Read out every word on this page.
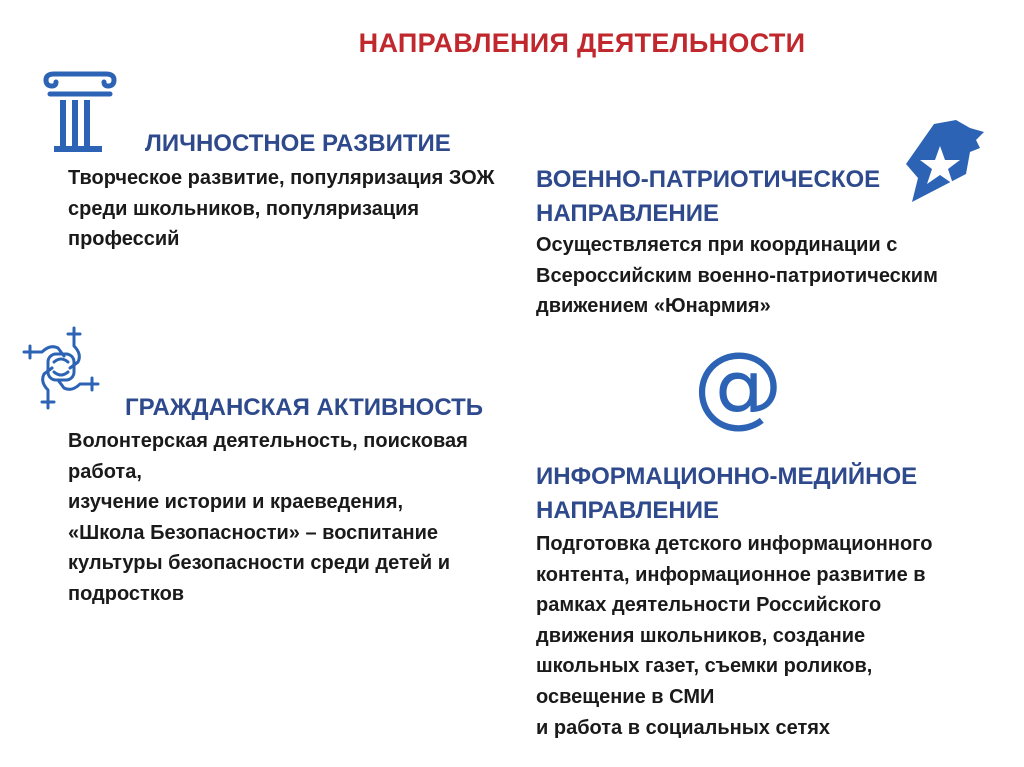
НАПРАВЛЕНИЯ ДЕЯТЕЛЬНОСТИ
ЛИЧНОСТНОЕ РАЗВИТИЕ
Творческое развитие, популяризация ЗОЖ
среди школьников, популяризация
профессий
ВОЕННО-ПАТРИОТИЧЕСКОЕ
НАПРАВЛЕНИЕ
Осуществляется при координации с
Всероссийским военно-патриотическим
движением «Юнармия»
ГРАЖДАНСКАЯ АКТИВНОСТЬ
Волонтерская деятельность, поисковая
работа,
изучение истории и краеведения,
«Школа Безопасности» – воспитание
культуры безопасности среди детей и
подростков
@
ИНФОРМАЦИОННО-МЕДИЙНОЕ
НАПРАВЛЕНИЕ
Подготовка детского информационного
контента, информационное развитие в
рамках деятельности Российского
движения школьников, создание
школьных газет, съемки роликов,
освещение в СМИ
и работа в социальных сетях
